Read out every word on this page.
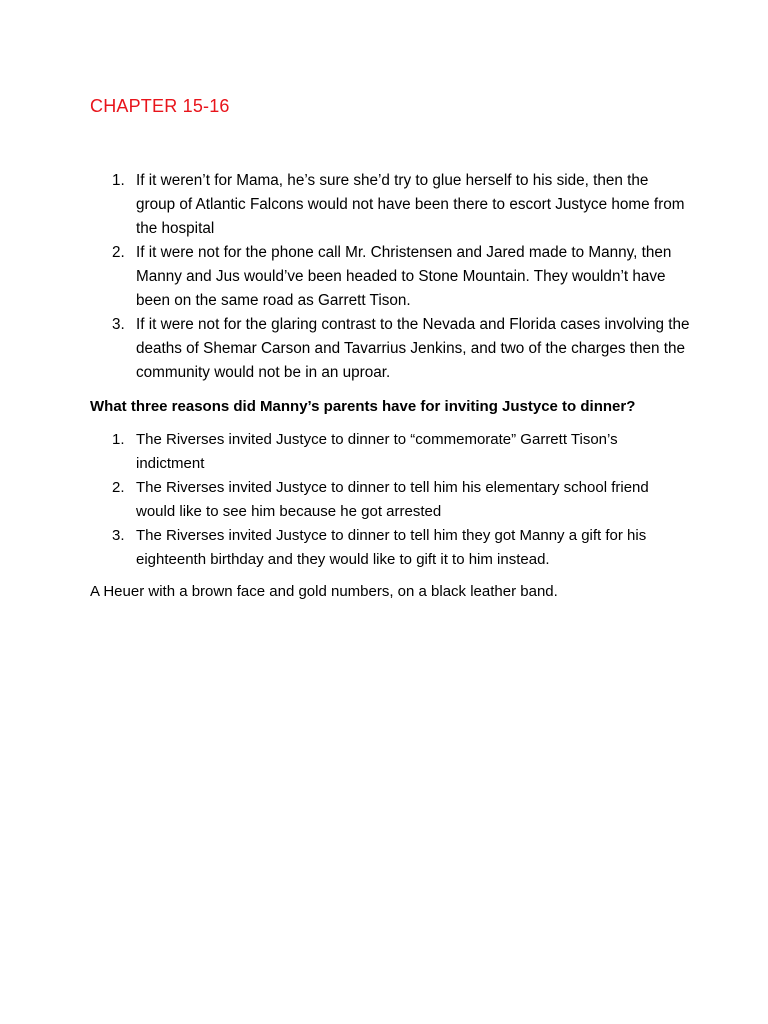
CHAPTER 15-16
1. If it weren’t for Mama, he’s sure she’d try to glue herself to his side, then the group of Atlantic Falcons would not have been there to escort Justyce home from the hospital
2. If it were not for the phone call Mr. Christensen and Jared made to Manny, then Manny and Jus would’ve been headed to Stone Mountain. They wouldn’t have been on the same road as Garrett Tison.
3. If it were not for the glaring contrast to the Nevada and Florida cases involving the deaths of Shemar Carson and Tavarrius Jenkins, and two of the charges then the community would not be in an uproar.
What three reasons did Manny’s parents have for inviting Justyce to dinner?
1. The Riverses invited Justyce to dinner to “commemorate” Garrett Tison’s indictment
2. The Riverses invited Justyce to dinner to tell him his elementary school friend would like to see him because he got arrested
3. The Riverses invited Justyce to dinner to tell him they got Manny a gift for his eighteenth birthday and they would like to gift it to him instead.
A Heuer with a brown face and gold numbers, on a black leather band.
